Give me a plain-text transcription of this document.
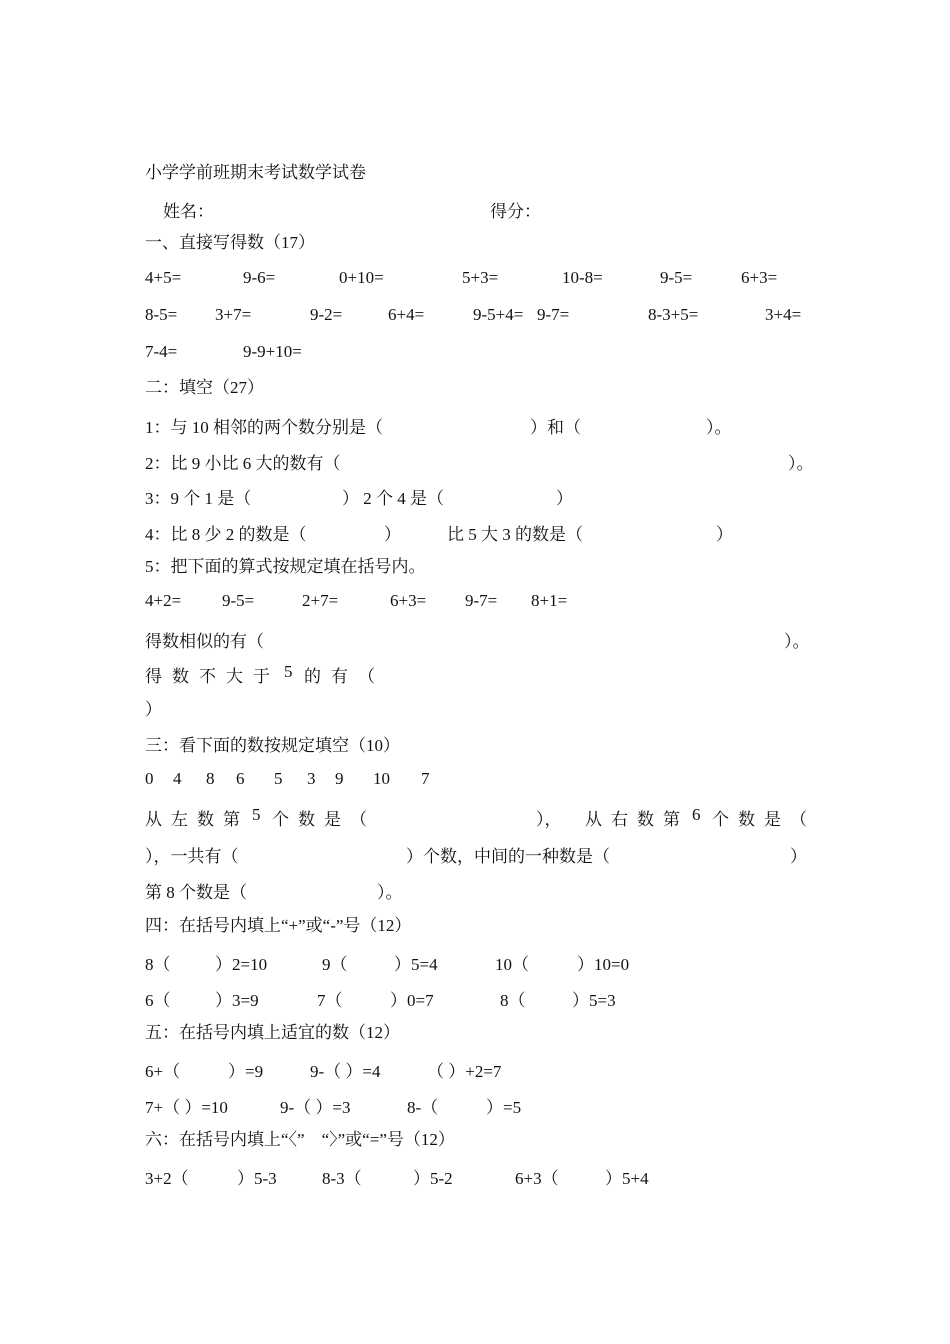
小学学前班期末考试数学试卷
姓名：	得分：
一、直接写得数（17）
4+5=	9-6=	0+10=	5+3=	10-8=	9-5=	6+3=
8-5= 3+7=	9-2=	6+4=	9-5+4= 9-7=	8-3+5=	3+4=
7-4=	9-9+10=
二：填空（27）
1：与 10 相邻的两个数分别是（	）和（	）。
2：比 9 小比 6 大的数有（	）。
3：9 个 1 是（	） 2 个 4 是（	）
4：比 8 少 2 的数是（	）	比 5 大 3 的数是（	）
5：把下面的算式按规定填在括号内。
4+2= 9-5=	2+7=	6+3= 9-7= 8+1=
得数相似的有（	）。
得 数 不 大 于 5 的 有 （
）
三：看下面的数按规定填空（10）
0 4 8 6 5 3 9 10 7
从 左 数 第 5 个 数 是 （	）， 从 右 数 第 6 个 数 是 （
），一共有（	）个数，中间的一种数是（	）
第 8 个数是（	）。
四：在括号内填上“+”或“-”号（12）
8（	）2=10	9（	）5=4	10（	）10=0
6（	）3=9	7（	）0=7	8（	）5=3
五：在括号内填上适宜的数（12）
6+（	）=9	9-（ ）=4	（ ）+2=7
7+（ ）=10	9-（ ）=3	8-（	）=5
六：在括号内填上“〈”　“〉”或“=”号（12）
3+2（	）5-3	8-3（	）5-2	6+3（	）5+4
